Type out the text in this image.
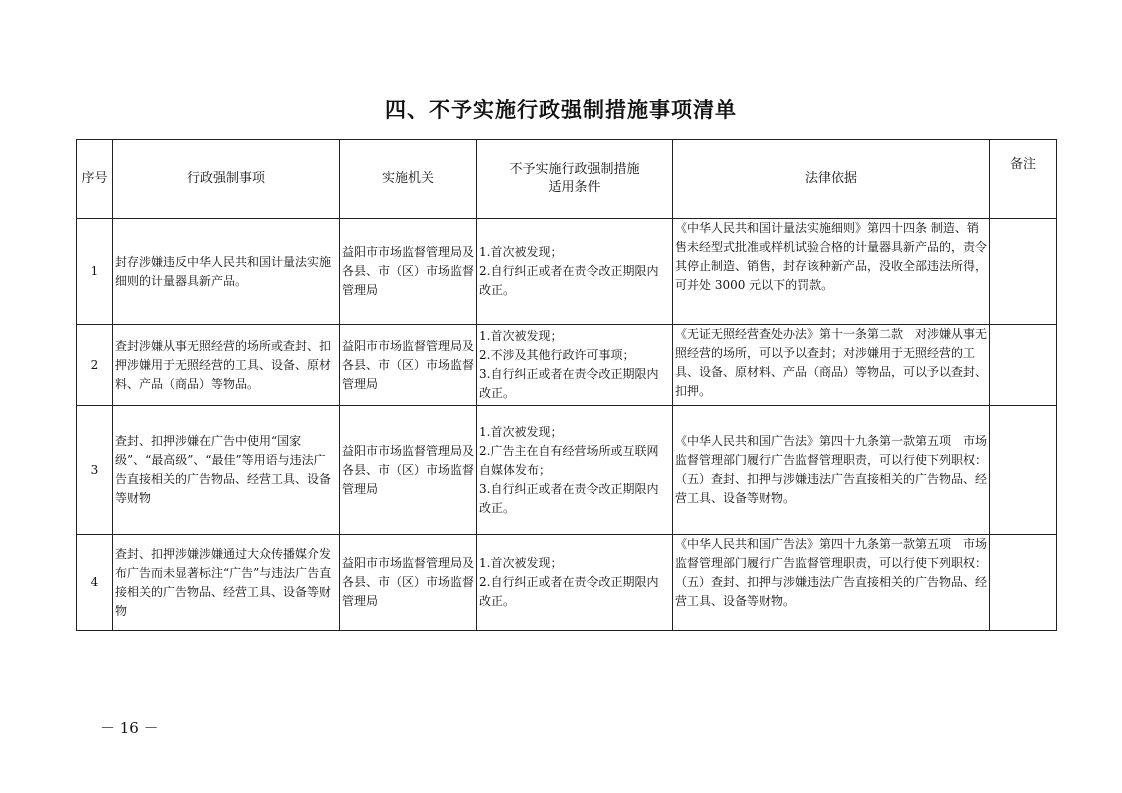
四、不予实施行政强制措施事项清单
序号	行政强制事项	实施机关	不予实施行政强制措施
适用条件	法律依据	备注
1	封存涉嫌违反中华人民共和国计量法实施细则的计量器具新产品。	益阳市市场监督管理局及各县、市（区）市场监督管理局	1.首次被发现；
2.自行纠正或者在责令改正期限内改正。	《中华人民共和国计量法实施细则》第四十四条 制造、销售未经型式批准或样机试验合格的计量器具新产品的，责令其停止制造、销售，封存该种新产品，没收全部违法所得，可并处 3000 元以下的罚款。	
2	查封涉嫌从事无照经营的场所或查封、扣押涉嫌用于无照经营的工具、设备、原材料、产品（商品）等物品。	益阳市市场监督管理局及各县、市（区）市场监督管理局	1.首次被发现；
2.不涉及其他行政许可事项；
3.自行纠正或者在责令改正期限内改正。	《无证无照经营查处办法》第十一条第二款　对涉嫌从事无照经营的场所，可以予以查封；对涉嫌用于无照经营的工具、设备、原材料、产品（商品）等物品，可以予以查封、扣押。	
3	查封、扣押涉嫌在广告中使用“国家级”、“最高级”、“最佳”等用语与违法广告直接相关的广告物品、经营工具、设备等财物	益阳市市场监督管理局及各县、市（区）市场监督管理局	1.首次被发现；
2.广告主在自有经营场所或互联网自媒体发布；
3.自行纠正或者在责令改正期限内改正。	《中华人民共和国广告法》第四十九条第一款第五项　市场监督管理部门履行广告监督管理职责，可以行使下列职权：（五）查封、扣押与涉嫌违法广告直接相关的广告物品、经营工具、设备等财物。	
4	查封、扣押涉嫌涉嫌通过大众传播媒介发布广告而未显著标注“广告”与违法广告直接相关的广告物品、经营工具、设备等财物	益阳市市场监督管理局及各县、市（区）市场监督管理局	1.首次被发现；
2.自行纠正或者在责令改正期限内改正。	《中华人民共和国广告法》第四十九条第一款第五项　市场监督管理部门履行广告监督管理职责，可以行使下列职权：（五）查封、扣押与涉嫌违法广告直接相关的广告物品、经营工具、设备等财物。	
－ 16 －
